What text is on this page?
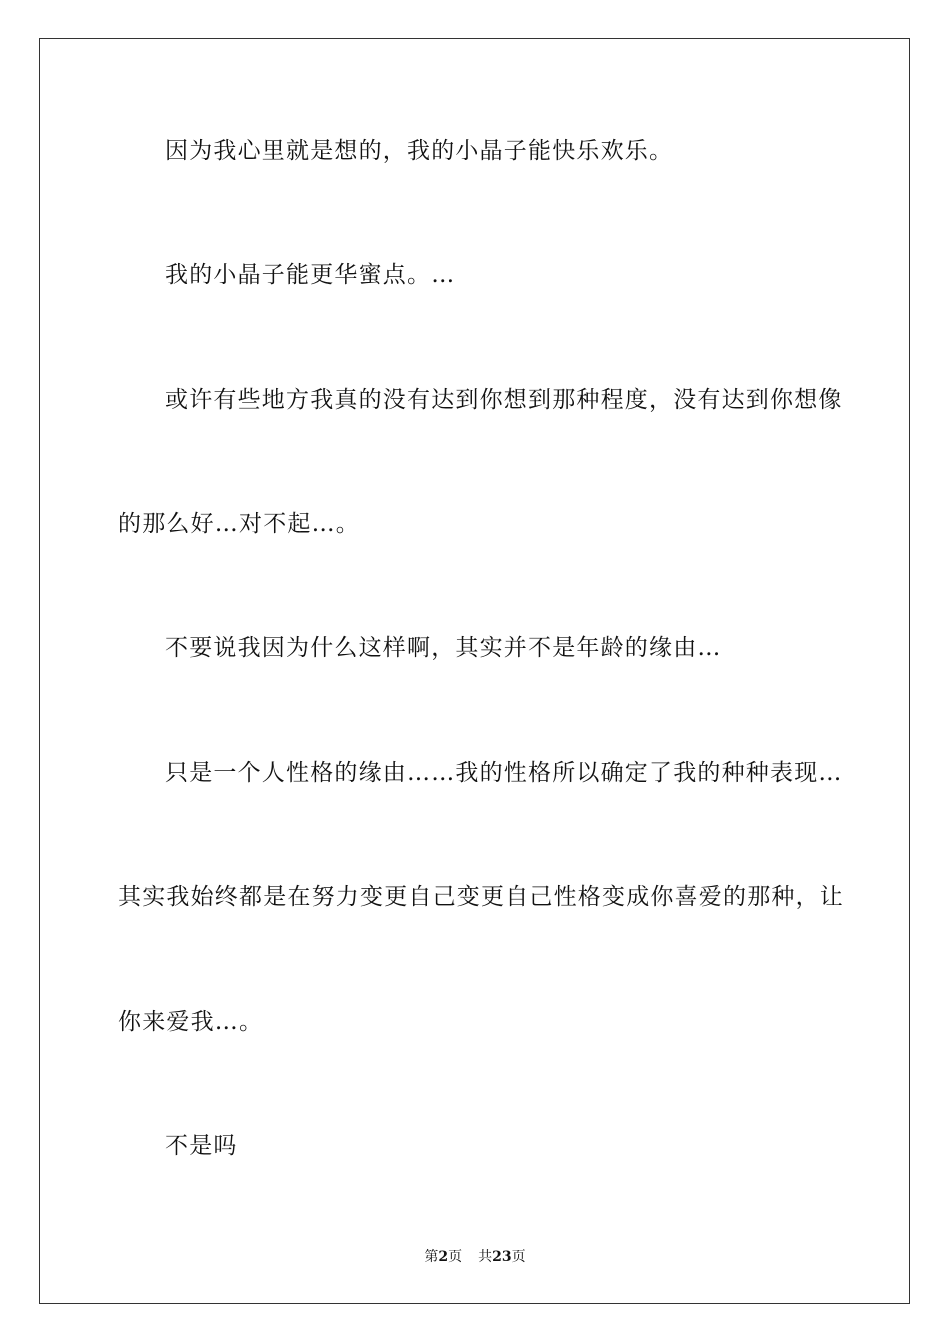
因为我心里就是想的，我的小晶子能快乐欢乐。
我的小晶子能更华蜜点。…
或许有些地方我真的没有达到你想到那种程度，没有达到你想像
的那么好…对不起…。
不要说我因为什么这样啊，其实并不是年龄的缘由…
只是一个人性格的缘由……我的性格所以确定了我的种种表现…
其实我始终都是在努力变更自己变更自己性格变成你喜爱的那种，让
你来爱我…。
不是吗
第2页 共23页
